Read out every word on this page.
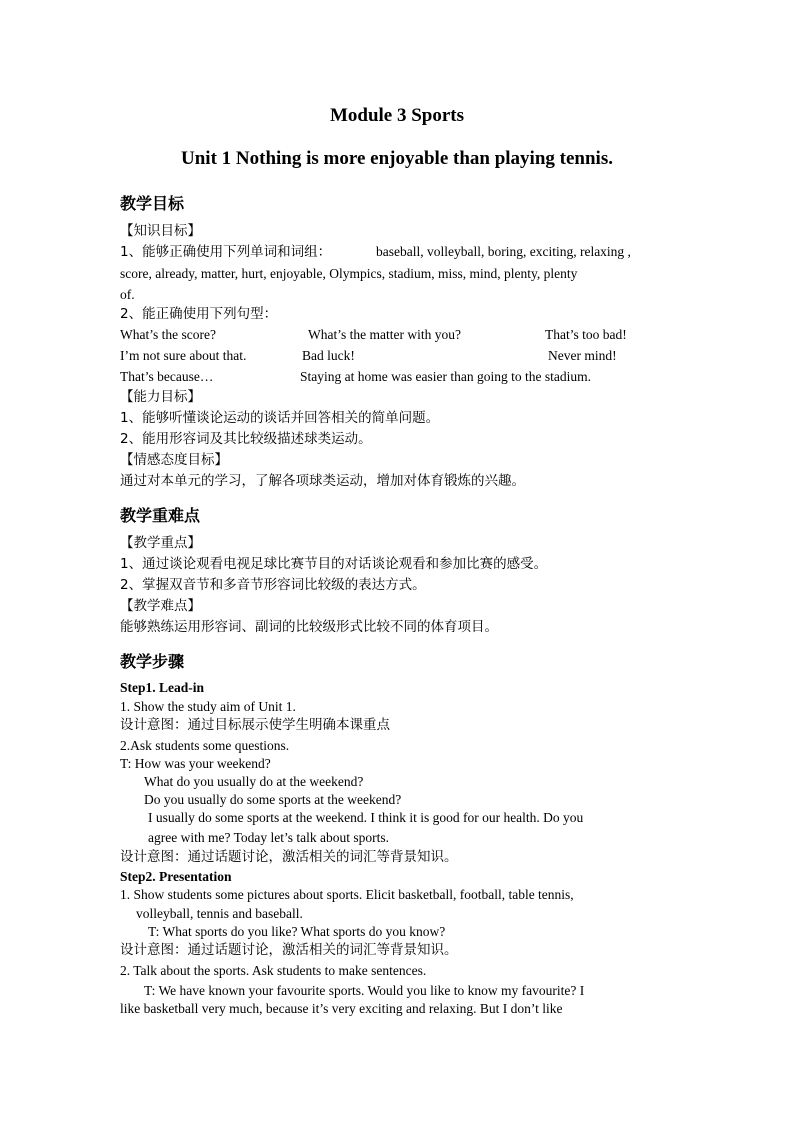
Module 3 Sports
Unit 1 Nothing is more enjoyable than playing tennis.
教学目标
【知识目标】
1、能够正确使用下列单词和词组：	baseball, volleyball, boring, exciting, relaxing ,
score, already, matter, hurt, enjoyable, Olympics, stadium, miss, mind, plenty, plenty
of.
2、能正确使用下列句型：
What’s the score?	What’s the matter with you?	That’s too bad!
I’m not sure about that.	Bad luck!	Never mind!
That’s because…	Staying at home was easier than going to the stadium.
【能力目标】
1、能够听懂谈论运动的谈话并回答相关的简单问题。
2、能用形容词及其比较级描述球类运动。
【情感态度目标】
通过对本单元的学习，了解各项球类运动，增加对体育锻炼的兴趣。
教学重难点
【教学重点】
1、通过谈论观看电视足球比赛节目的对话谈论观看和参加比赛的感受。
2、掌握双音节和多音节形容词比较级的表达方式。
【教学难点】
能够熟练运用形容词、副词的比较级形式比较不同的体育项目。
教学步骤
Step1. Lead-in
1. Show the study aim of Unit 1.
设计意图：通过目标展示使学生明确本课重点
2.Ask students some questions.
T: How was your weekend?
What do you usually do at the weekend?
Do you usually do some sports at the weekend?
I usually do some sports at the weekend. I think it is good for our health. Do you
agree with me? Today let’s talk about sports.
设计意图：通过话题讨论，激活相关的词汇等背景知识。
Step2. Presentation
1. Show students some pictures about sports. Elicit basketball, football, table tennis,
volleyball, tennis and baseball.
T: What sports do you like? What sports do you know?
设计意图：通过话题讨论，激活相关的词汇等背景知识。
2. Talk about the sports. Ask students to make sentences.
T: We have known your favourite sports. Would you like to know my favourite? I
like basketball very much, because it’s very exciting and relaxing. But I don’t like
